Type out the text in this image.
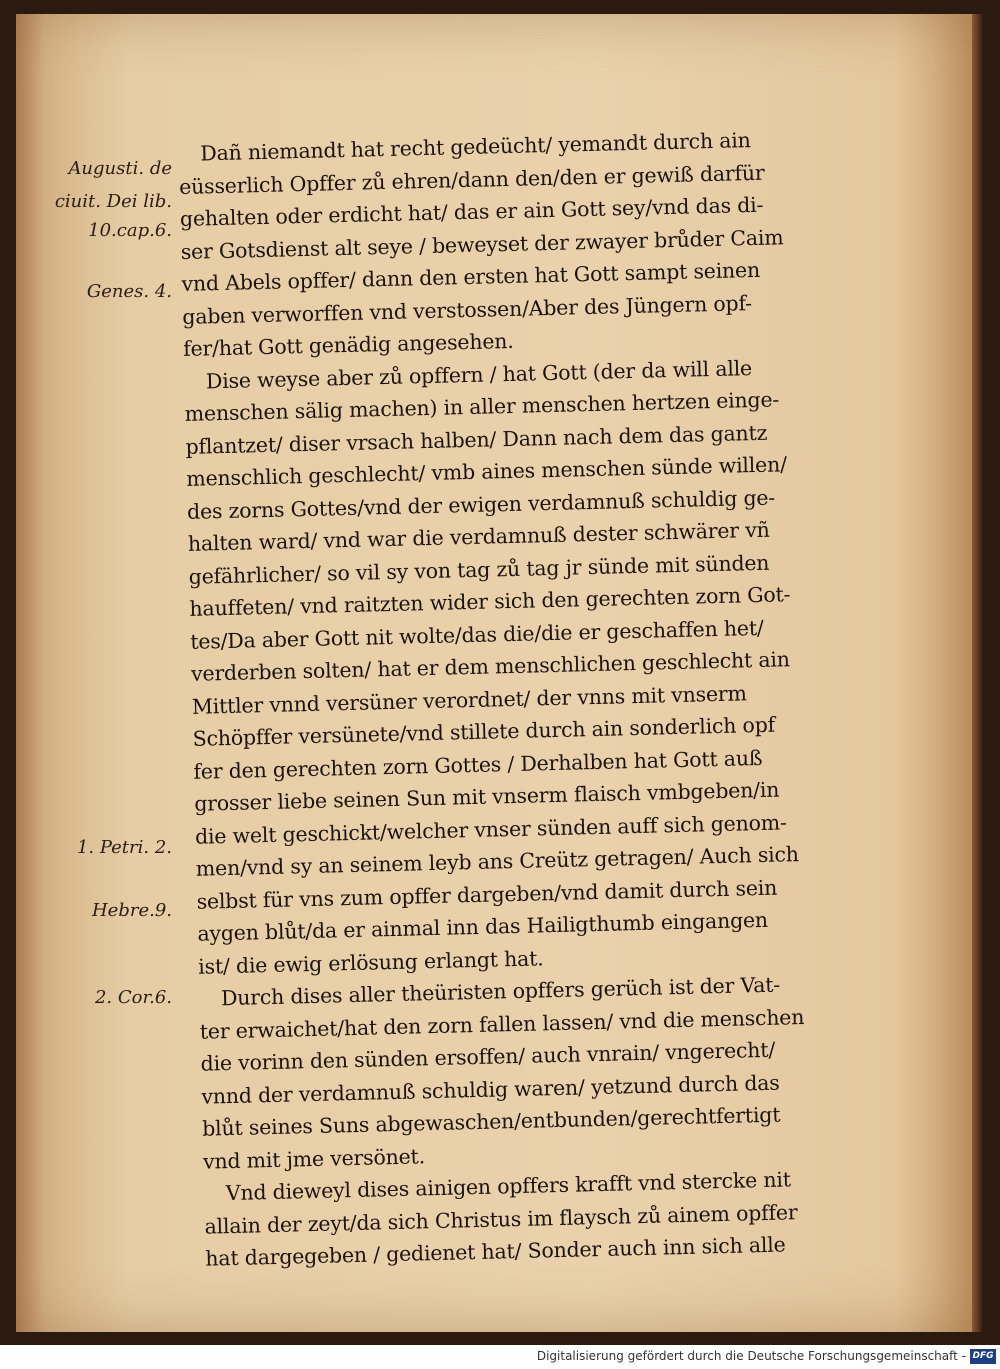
Augusti. de
ciuit. Dei lib.
10.cap.6.
Genes. 4.
1. Petri. 2.
Hebre.9.
2. Cor.6.
Dañ niemandt hat recht gedeücht/ yemandt durch ain
eüsserlich Opffer zů ehren/dann den/den er gewiß darfür
gehalten oder erdicht hat/ das er ain Gott sey/vnd das di-
ser Gotsdienst alt seye / beweyset der zwayer brůder Caim
vnd Abels opffer/ dann den ersten hat Gott sampt seinen
gaben verworffen vnd verstossen/Aber des Jüngern opf-
fer/hat Gott genädig angesehen.
Dise weyse aber zů opffern / hat Gott (der da will alle
menschen sälig machen) in aller menschen hertzen einge-
pflantzet/ diser vrsach halben/ Dann nach dem das gantz
menschlich geschlecht/ vmb aines menschen sünde willen/
des zorns Gottes/vnd der ewigen verdamnuß schuldig ge-
halten ward/ vnd war die verdamnuß dester schwärer vñ
gefährlicher/ so vil sy von tag zů tag jr sünde mit sünden
hauffeten/ vnd raitzten wider sich den gerechten zorn Got-
tes/Da aber Gott nit wolte/das die/die er geschaffen het/
verderben solten/ hat er dem menschlichen geschlecht ain
Mittler vnnd versüner verordnet/ der vnns mit vnserm
Schöpffer versünete/vnd stillete durch ain sonderlich opf
fer den gerechten zorn Gottes / Derhalben hat Gott auß
grosser liebe seinen Sun mit vnserm flaisch vmbgeben/in
die welt geschickt/welcher vnser sünden auff sich genom-
men/vnd sy an seinem leyb ans Creütz getragen/ Auch sich
selbst für vns zum opffer dargeben/vnd damit durch sein
aygen blůt/da er ainmal inn das Hailigthumb eingangen
ist/ die ewig erlösung erlangt hat.
Durch dises aller theüristen opffers gerüch ist der Vat-
ter erwaichet/hat den zorn fallen lassen/ vnd die menschen
die vorinn den sünden ersoffen/ auch vnrain/ vngerecht/
vnnd der verdamnuß schuldig waren/ yetzund durch das
blůt seines Suns abgewaschen/entbunden/gerechtfertigt
vnd mit jme versönet.
Vnd dieweyl dises ainigen opffers krafft vnd stercke nit
allain der zeyt/da sich Christus im flaysch zů ainem opffer
hat dargegeben / gedienet hat/ Sonder auch inn sich alle
Digitalisierung gefördert durch die Deutsche Forschungsgemeinschaft - DFG
